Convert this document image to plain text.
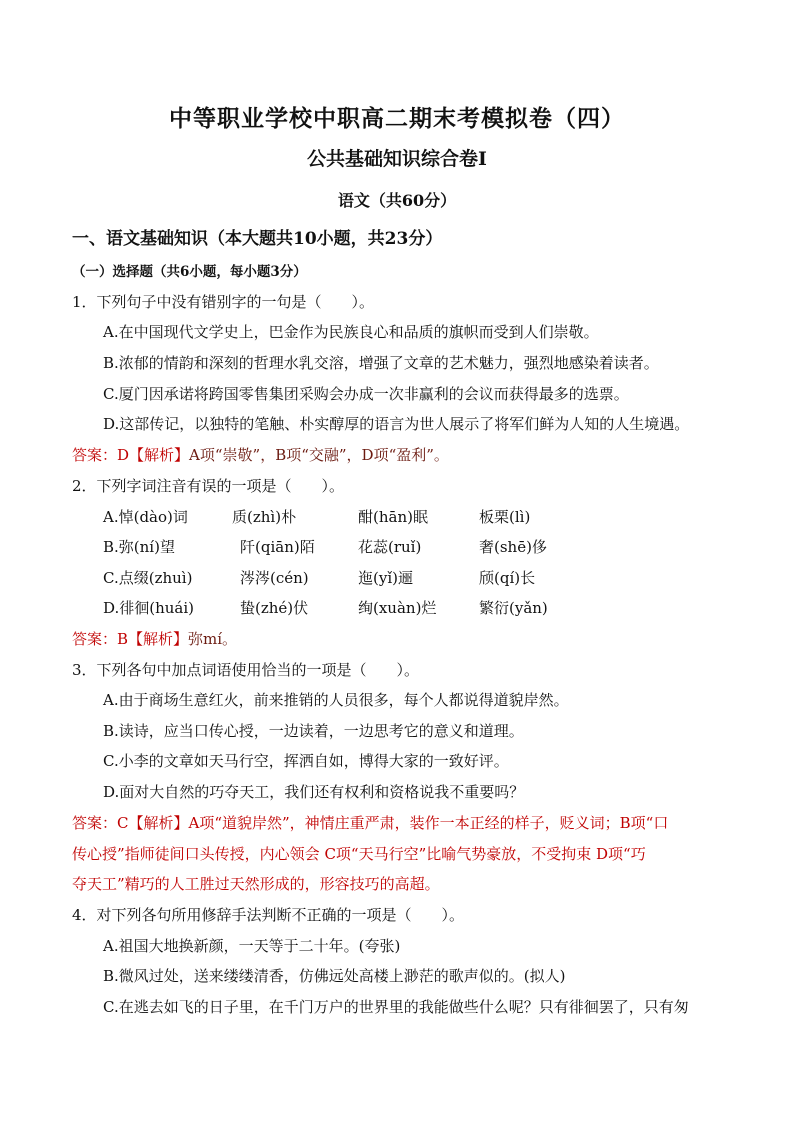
中等职业学校中职高二期末考模拟卷（四）
公共基础知识综合卷Ⅰ
语文（共60分）
一、语文基础知识（本大题共10小题，共23分）
（一）选择题（共6小题，每小题3分）
1．下列句子中没有错别字的一句是（　　）。
A.在中国现代文学史上，巴金作为民族良心和品质的旗帜而受到人们崇敬。
B.浓郁的情韵和深刻的哲理水乳交溶，增强了文章的艺术魅力，强烈地感染着读者。
C.厦门因承诺将跨国零售集团采购会办成一次非赢利的会议而获得最多的选票。
D.这部传记，以独特的笔触、朴实醇厚的语言为世人展示了将军们鲜为人知的人生境遇。
答案：D【解析】A项“崇敬”，B项“交融”，D项“盈利”。
2．下列字词注音有误的一项是（　　）。
A.悼(dào)词	质(zhì)朴	酣(hān)眠	板栗(lì)
B.弥(ní)望	阡(qiān)陌	花蕊(ruǐ)	奢(shē)侈
C.点缀(zhuì)	涔涔(cén)	迤(yǐ)逦	颀(qí)长
D.徘徊(huái)	蛰(zhé)伏	绚(xuàn)烂	繁衍(yǎn)
答案：B【解析】弥mí。
3．下列各句中加点词语使用恰当的一项是（　　）。
A.由于商场生意红火，前来推销的人员很多，每个人都说得道貌岸然。
B.读诗，应当口传心授，一边读着，一边思考它的意义和道理。
C.小李的文章如天马行空，挥洒自如，博得大家的一致好评。
D.面对大自然的巧夺天工，我们还有权利和资格说我不重要吗？
答案：C【解析】A项“道貌岸然”，神情庄重严肃，装作一本正经的样子，贬义词；B项“口
传心授”指师徒间口头传授，内心领会 C项“天马行空”比喻气势豪放，不受拘束 D项“巧
夺天工”精巧的人工胜过天然形成的，形容技巧的高超。
4．对下列各句所用修辞手法判断不正确的一项是（　　）。
A.祖国大地换新颜，一天等于二十年。(夸张)
B.微风过处，送来缕缕清香，仿佛远处高楼上渺茫的歌声似的。(拟人)
C.在逃去如飞的日子里，在千门万户的世界里的我能做些什么呢？只有徘徊罢了，只有匆
